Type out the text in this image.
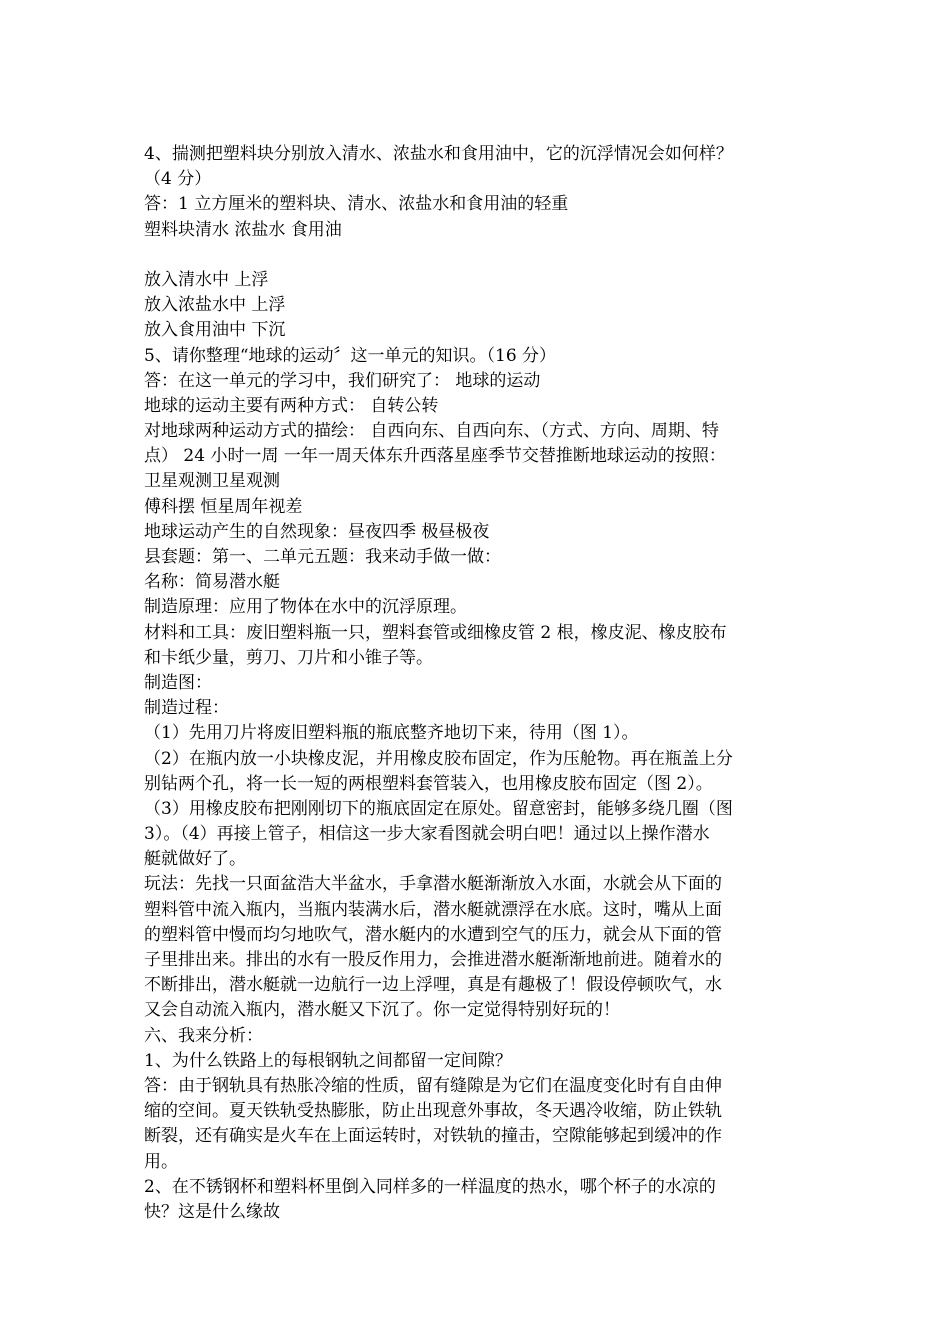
4、揣测把塑料块分别放入清水、浓盐水和食用油中，它的沉浮情况会如何样？
（4 分）
答：1 立方厘米的塑料块、清水、浓盐水和食用油的轻重
塑料块清水 浓盐水 食用油
放入清水中 上浮
放入浓盐水中 上浮
放入食用油中 下沉
5、请你整理“地球的运动〞这一单元的知识。（16 分）
答：在这一单元的学习中，我们研究了： 地球的运动
地球的运动主要有两种方式： 自转公转
对地球两种运动方式的描绘： 自西向东、自西向东、（方式、方向、周期、特
点） 24 小时一周 一年一周天体东升西落星座季节交替推断地球运动的按照：
卫星观测卫星观测
傅科摆 恒星周年视差
地球运动产生的自然现象：昼夜四季 极昼极夜
县套题：第一、二单元五题：我来动手做一做：
名称：简易潜水艇
制造原理：应用了物体在水中的沉浮原理。
材料和工具：废旧塑料瓶一只，塑料套管或细橡皮管 2 根，橡皮泥、橡皮胶布
和卡纸少量，剪刀、刀片和小锥子等。
制造图：
制造过程：
（1）先用刀片将废旧塑料瓶的瓶底整齐地切下来，待用（图 1）。
（2）在瓶内放一小块橡皮泥，并用橡皮胶布固定，作为压舱物。再在瓶盖上分
别钻两个孔，将一长一短的两根塑料套管装入，也用橡皮胶布固定（图 2）。
（3）用橡皮胶布把刚刚切下的瓶底固定在原处。留意密封，能够多绕几圈（图
3）。（4）再接上管子，相信这一步大家看图就会明白吧！通过以上操作潜水
艇就做好了。
玩法：先找一只面盆浩大半盆水，手拿潜水艇渐渐放入水面，水就会从下面的
塑料管中流入瓶内，当瓶内装满水后，潜水艇就漂浮在水底。这时，嘴从上面
的塑料管中慢而均匀地吹气，潜水艇内的水遭到空气的压力，就会从下面的管
子里排出来。排出的水有一股反作用力，会推进潜水艇渐渐地前进。随着水的
不断排出，潜水艇就一边航行一边上浮哩，真是有趣极了！假设停顿吹气，水
又会自动流入瓶内，潜水艇又下沉了。你一定觉得特别好玩的！
六、我来分析：
1、为什么铁路上的每根钢轨之间都留一定间隙？
答：由于钢轨具有热胀冷缩的性质，留有缝隙是为它们在温度变化时有自由伸
缩的空间。夏天铁轨受热膨胀，防止出现意外事故，冬天遇冷收缩，防止铁轨
断裂，还有确实是火车在上面运转时，对铁轨的撞击，空隙能够起到缓冲的作
用。
2、在不锈钢杯和塑料杯里倒入同样多的一样温度的热水，哪个杯子的水凉的
快？这是什么缘故
